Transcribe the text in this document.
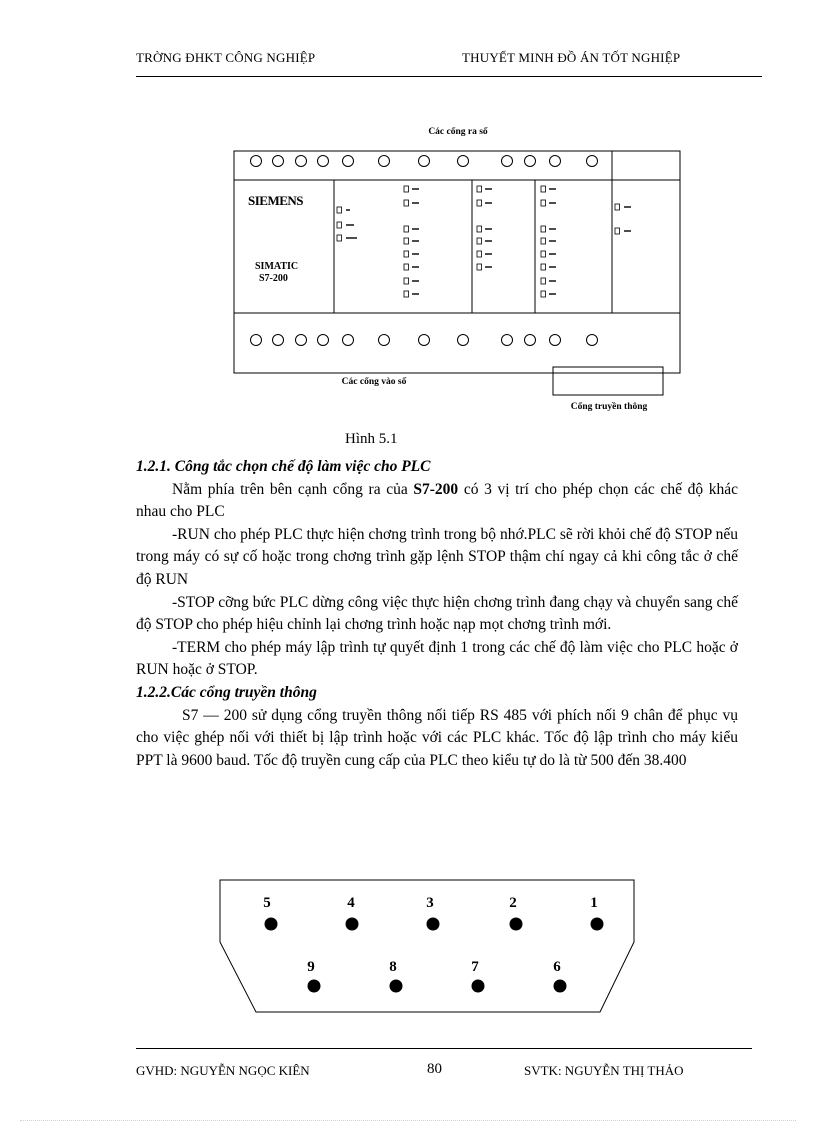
TRỜNG ĐHKT CÔNG NGHIỆP	THUYẾT MINH ĐỒ ÁN TỐT NGHIỆP
Các cổng ra số
SIEMENS
SIMATIC
S7-200
Các cổng vào số
Cổng truyền thông
Hình 5.1

1.2.1. Công tắc chọn chế độ làm việc cho PLC

Nằm phía trên bên cạnh cổng ra của S7-200 có 3 vị trí cho phép chọn các chế độ khác nhau cho PLC

-RUN cho phép PLC thực hiện chơng trình trong bộ nhớ.PLC sẽ rời khỏi chế độ STOP nếu trong máy có sự cố hoặc trong chơng trình gặp lệnh STOP thậm chí ngay cả khi công tắc ở chế độ RUN

-STOP cỡng bức PLC dừng công việc thực hiện chơng trình đang chạy và chuyển sang chế độ STOP cho phép hiệu chỉnh lại chơng trình hoặc nạp mọt chơng trình mới.

-TERM cho phép máy lập trình tự quyết định 1 trong các chế độ làm việc cho PLC hoặc ở RUN hoặc ở STOP.

1.2.2.Các cổng truyền thông

S7 — 200 sử dụng cổng truyền thông nối tiếp RS 485 với phích nối 9 chân để phục vụ cho việc ghép nối với thiết bị lập trình hoặc với các PLC khác. Tốc độ lập trình cho máy kiểu PPT là 9600 baud. Tốc độ truyền cung cấp của PLC theo kiểu tự do là từ 500 đến 38.400

5	4	3	2	1
9	8	7	6
GVHD: NGUYỄN NGỌC KIÊN	80	SVTK: NGUYỄN THỊ THẢO
